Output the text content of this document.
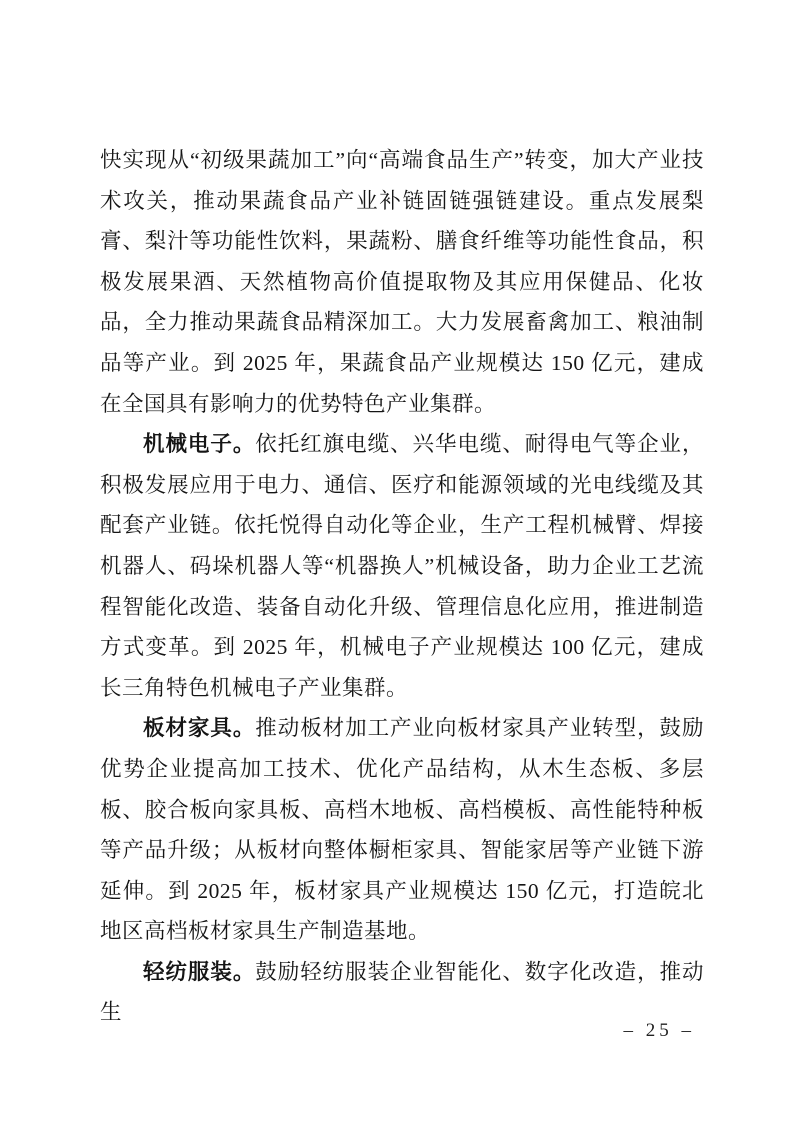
快实现从“初级果蔬加工”向“高端食品生产”转变，加大产业技术攻关，推动果蔬食品产业补链固链强链建设。重点发展梨膏、梨汁等功能性饮料，果蔬粉、膳食纤维等功能性食品，积极发展果酒、天然植物高价值提取物及其应用保健品、化妆品，全力推动果蔬食品精深加工。大力发展畜禽加工、粮油制品等产业。到 2025 年，果蔬食品产业规模达 150 亿元，建成在全国具有影响力的优势特色产业集群。

机械电子。依托红旗电缆、兴华电缆、耐得电气等企业，积极发展应用于电力、通信、医疗和能源领域的光电线缆及其配套产业链。依托悦得自动化等企业，生产工程机械臂、焊接机器人、码垛机器人等“机器换人”机械设备，助力企业工艺流程智能化改造、装备自动化升级、管理信息化应用，推进制造方式变革。到 2025 年，机械电子产业规模达 100 亿元，建成长三角特色机械电子产业集群。

板材家具。推动板材加工产业向板材家具产业转型，鼓励优势企业提高加工技术、优化产品结构，从木生态板、多层板、胶合板向家具板、高档木地板、高档模板、高性能特种板等产品升级；从板材向整体橱柜家具、智能家居等产业链下游延伸。到 2025 年，板材家具产业规模达 150 亿元，打造皖北地区高档板材家具生产制造基地。

轻纺服装。鼓励轻纺服装企业智能化、数字化改造，推动生

– 25 –
